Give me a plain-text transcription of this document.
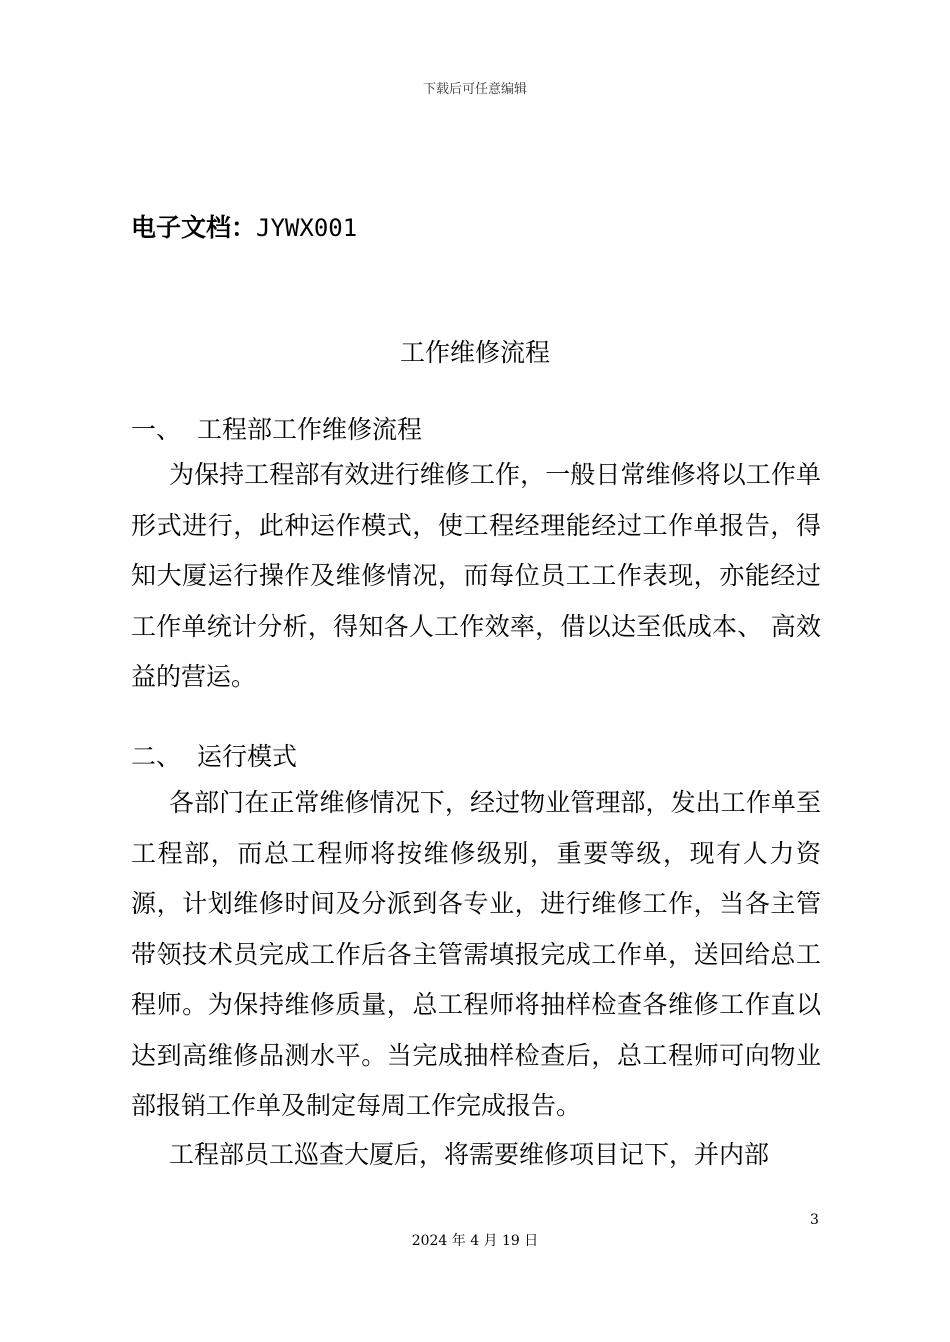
下载后可任意编辑
电子文档：JYWX001
工作维修流程
一、 工程部工作维修流程
为保持工程部有效进行维修工作，一般日常维修将以工作单形式进行，此种运作模式，使工程经理能经过工作单报告，得知大厦运行操作及维修情况，而每位员工工作表现，亦能经过工作单统计分析，得知各人工作效率，借以达至低成本、 高效益的营运。
二、 运行模式
各部门在正常维修情况下，经过物业管理部，发出工作单至工程部，而总工程师将按维修级别，重要等级，现有人力资源，计划维修时间及分派到各专业，进行维修工作，当各主管带领技术员完成工作后各主管需填报完成工作单，送回给总工程师。为保持维修质量，总工程师将抽样检查各维修工作直以达到高维修品测水平。当完成抽样检查后，总工程师可向物业部报销工作单及制定每周工作完成报告。
工程部员工巡查大厦后，将需要维修项目记下，并内部
3
2024 年 4 月 19 日
